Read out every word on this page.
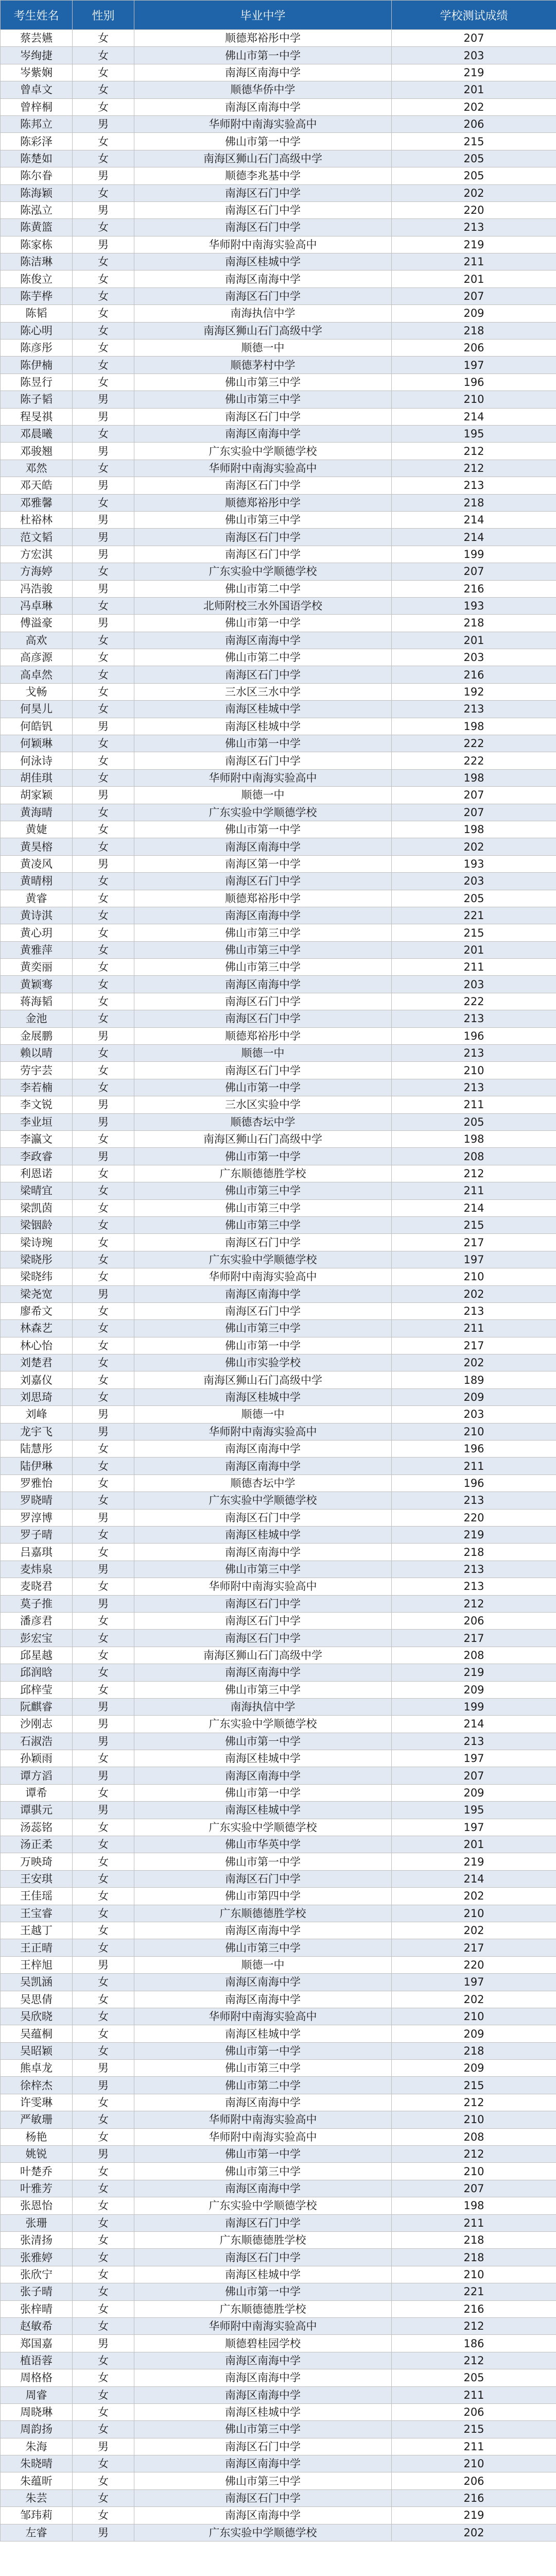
考生姓名	性别	毕业中学	学校测试成绩
蔡芸嬿	女	顺德郑裕彤中学	207
岑绚捷	女	佛山市第一中学	203
岑紫娴	女	南海区南海中学	219
曾卓文	女	顺德华侨中学	201
曾梓桐	女	南海区南海中学	202
陈邦立	男	华师附中南海实验高中	206
陈彩泽	女	佛山市第一中学	215
陈楚如	女	南海区狮山石门高级中学	205
陈尔眷	男	顺德李兆基中学	205
陈海颖	女	南海区石门中学	202
陈泓立	男	南海区石门中学	220
陈黄篮	女	南海区石门中学	213
陈家栋	男	华师附中南海实验高中	219
陈洁琳	女	南海区桂城中学	211
陈俊立	女	南海区南海中学	201
陈芋桦	女	南海区石门中学	207
陈韬	女	南海执信中学	209
陈心明	女	南海区狮山石门高级中学	218
陈彦彤	女	顺德一中	206
陈伊楠	女	顺德茅村中学	197
陈昱行	女	佛山市第三中学	196
陈子韬	男	佛山市第三中学	210
程旻祺	男	南海区石门中学	214
邓晨曦	女	南海区南海中学	195
邓骏翘	男	广东实验中学顺德学校	212
邓然	女	华师附中南海实验高中	212
邓天皓	男	南海区石门中学	213
邓雅馨	女	顺德郑裕彤中学	218
杜裕林	男	佛山市第三中学	214
范文韬	男	南海区石门中学	214
方宏淇	男	南海区石门中学	199
方海婷	女	广东实验中学顺德学校	207
冯浩骏	男	佛山市第二中学	216
冯卓琳	女	北师附校三水外国语学校	193
傅溢豪	男	佛山市第一中学	218
高欢	女	南海区南海中学	201
高彦源	女	佛山市第二中学	203
高卓然	女	南海区石门中学	216
戈畅	女	三水区三水中学	192
何昊儿	女	南海区桂城中学	213
何皓钒	男	南海区桂城中学	198
何颖琳	女	佛山市第一中学	222
何泳诗	女	南海区石门中学	222
胡佳琪	女	华师附中南海实验高中	198
胡家颖	男	顺德一中	207
黄海晴	女	广东实验中学顺德学校	207
黄婕	女	佛山市第一中学	198
黄昊榕	女	南海区南海中学	202
黄凌风	男	南海区第一中学	193
黄晴栩	女	南海区石门中学	203
黄睿	女	顺德郑裕彤中学	205
黄诗淇	女	南海区南海中学	221
黄心玥	女	佛山市第三中学	215
黄雅萍	女	佛山市第三中学	201
黄奕丽	女	佛山市第三中学	211
黄颖骞	女	南海区南海中学	203
蒋海韬	女	南海区石门中学	222
金池	女	南海区石门中学	213
金展鹏	男	顺德郑裕彤中学	196
赖以晴	女	顺德一中	213
劳宇芸	女	南海区石门中学	210
李若楠	女	佛山市第一中学	213
李文锐	男	三水区实验中学	211
李业垣	男	顺德杏坛中学	205
李瀛文	女	南海区狮山石门高级中学	198
李政睿	男	佛山市第一中学	208
利恩诺	女	广东顺德德胜学校	212
梁晴宜	女	佛山市第三中学	211
梁凯茵	女	佛山市第三中学	214
梁铟龄	女	佛山市第三中学	215
梁诗琬	女	南海区石门中学	217
梁晓彤	女	广东实验中学顺德学校	197
梁晓纬	女	华师附中南海实验高中	210
梁尧宽	男	南海区南海中学	202
廖希文	女	南海区石门中学	213
林森艺	女	佛山市第三中学	211
林心怡	女	佛山市第一中学	217
刘楚君	女	佛山市实验学校	202
刘嘉仪	女	南海区狮山石门高级中学	189
刘思琦	女	南海区桂城中学	209
刘峰	男	顺德一中	203
龙宇飞	男	华师附中南海实验高中	210
陆慧彤	女	南海区南海中学	196
陆伊琳	女	南海区南海中学	211
罗雅怡	女	顺德杏坛中学	196
罗晓晴	女	广东实验中学顺德学校	213
罗淳博	男	南海区石门中学	220
罗子晴	女	南海区桂城中学	219
吕嘉琪	女	南海区南海中学	218
麦炜泉	男	佛山市第三中学	213
麦晓君	女	华师附中南海实验高中	213
莫子推	男	南海区石门中学	212
潘彦君	女	南海区石门中学	206
彭宏宝	女	南海区石门中学	217
邱星越	女	南海区狮山石门高级中学	208
邱润晗	女	南海区南海中学	219
邱梓莹	女	佛山市第三中学	209
阮麒睿	男	南海执信中学	199
沙刚志	男	广东实验中学顺德学校	214
石淑浩	男	佛山市第一中学	213
孙颖雨	女	南海区桂城中学	197
谭方滔	男	南海区南海中学	207
谭希	女	佛山市第一中学	209
谭骐元	男	南海区桂城中学	195
汤蕊铭	女	广东实验中学顺德学校	197
汤正柔	女	佛山市华英中学	201
万映琦	女	佛山市第一中学	219
王安琪	女	南海区石门中学	214
王佳瑶	女	佛山市第四中学	202
王宝睿	女	广东顺德德胜学校	210
王越丁	女	南海区南海中学	202
王正晴	女	佛山市第三中学	217
王梓旭	男	顺德一中	220
吴凯涵	女	南海区南海中学	197
吴思倩	女	南海区南海中学	202
吴欣晓	女	华师附中南海实验高中	210
吴蕴桐	女	南海区桂城中学	209
吴昭颖	女	佛山市第一中学	218
熊卓龙	男	佛山市第三中学	209
徐梓杰	男	佛山市第二中学	215
许雯琳	女	南海区南海中学	212
严敏珊	女	华师附中南海实验高中	210
杨艳	女	华师附中南海实验高中	208
姚锐	男	佛山市第一中学	212
叶楚乔	女	佛山市第三中学	210
叶雅芳	女	南海区南海中学	207
张恩怡	女	广东实验中学顺德学校	198
张珊	女	南海区石门中学	211
张清扬	女	广东顺德德胜学校	218
张雅婷	女	南海区石门中学	218
张欣宁	女	南海区桂城中学	210
张子晴	女	佛山市第一中学	221
张梓晴	女	广东顺德德胜学校	216
赵敏希	女	华师附中南海实验高中	212
郑国嘉	男	顺德碧桂园学校	186
植语蓉	女	南海区南海中学	212
周格格	女	南海区南海中学	205
周睿	女	南海区南海中学	211
周晓琳	女	南海区桂城中学	206
周韵扬	女	佛山市第三中学	215
朱海	男	南海区石门中学	211
朱晓晴	女	南海区南海中学	210
朱蕴昕	女	佛山市第三中学	206
朱芸	女	南海区石门中学	216
邹玮莉	女	南海区南海中学	219
左睿	男	广东实验中学顺德学校	202
